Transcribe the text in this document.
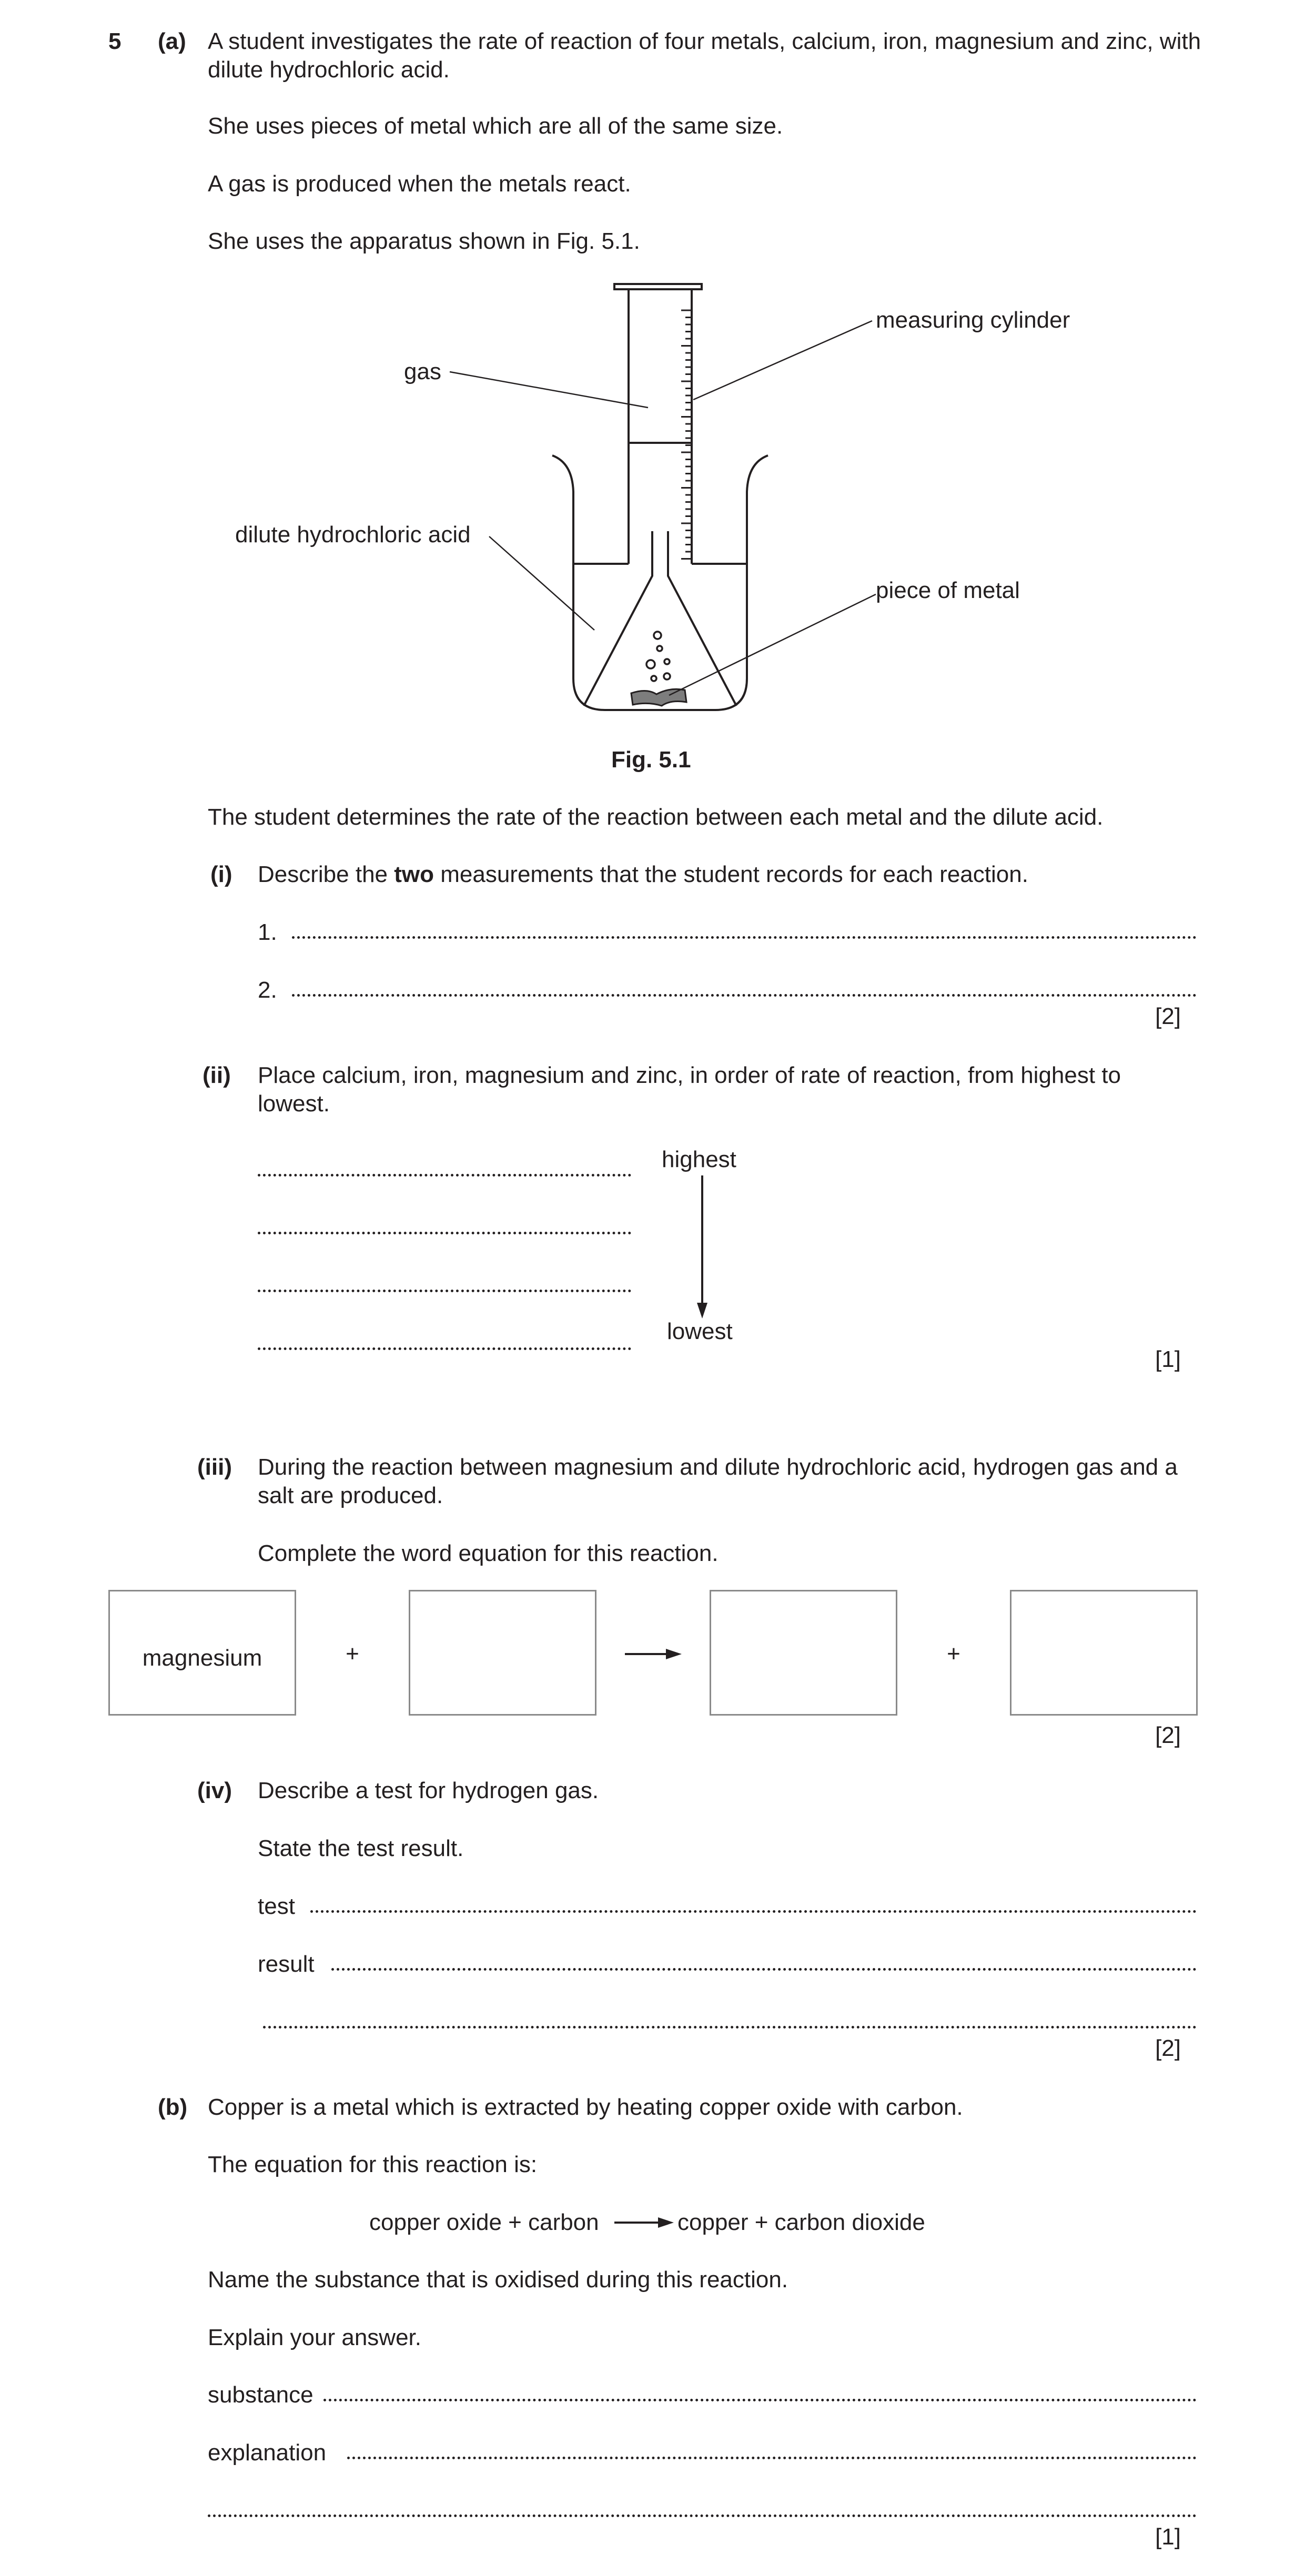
5 (a) A student investigates the rate of reaction of four metals, calcium, iron, magnesium and zinc, with dilute hydrochloric acid.
She uses pieces of metal which are all of the same size.
A gas is produced when the metals react.
She uses the apparatus shown in Fig. 5.1.
gas
measuring cylinder
dilute hydrochloric acid
piece of metal
Fig. 5.1
The student determines the rate of the reaction between each metal and the dilute acid.
(i) Describe the two measurements that the student records for each reaction.
1.
2.
[2]
(ii) Place calcium, iron, magnesium and zinc, in order of rate of reaction, from highest to lowest.
highest
lowest
[1]
(iii) During the reaction between magnesium and dilute hydrochloric acid, hydrogen gas and a salt are produced.
Complete the word equation for this reaction.
magnesium	+	+
[2]
(iv) Describe a test for hydrogen gas.
State the test result.
test
result
[2]
(b) Copper is a metal which is extracted by heating copper oxide with carbon.
The equation for this reaction is:
copper oxide + carbon	copper + carbon dioxide
Name the substance that is oxidised during this reaction.
Explain your answer.
substance
explanation
[1]
